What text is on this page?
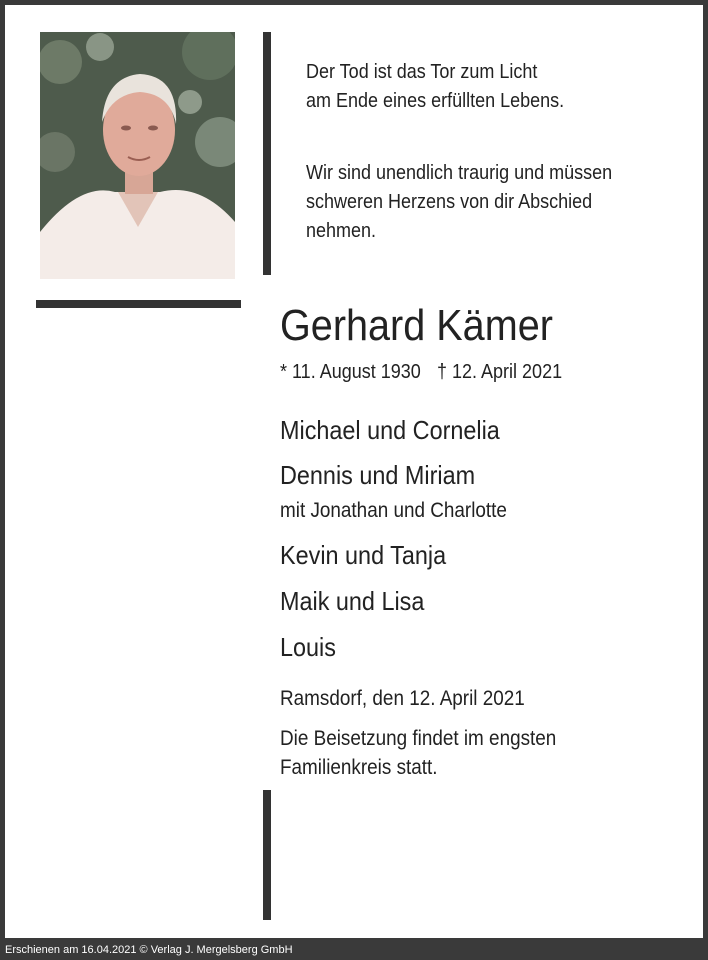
Der Tod ist das Tor zum Licht
am Ende eines erfüllten Lebens.
Wir sind unendlich traurig und müssen
schweren Herzens von dir Abschied
nehmen.
Gerhard Kämer
* 11. August 1930 † 12. April 2021
Michael und Cornelia
Dennis und Miriam
mit Jonathan und Charlotte
Kevin und Tanja
Maik und Lisa
Louis
Ramsdorf, den 12. April 2021
Die Beisetzung findet im engsten
Familienkreis statt.
Erschienen am 16.04.2021 © Verlag J. Mergelsberg GmbH
